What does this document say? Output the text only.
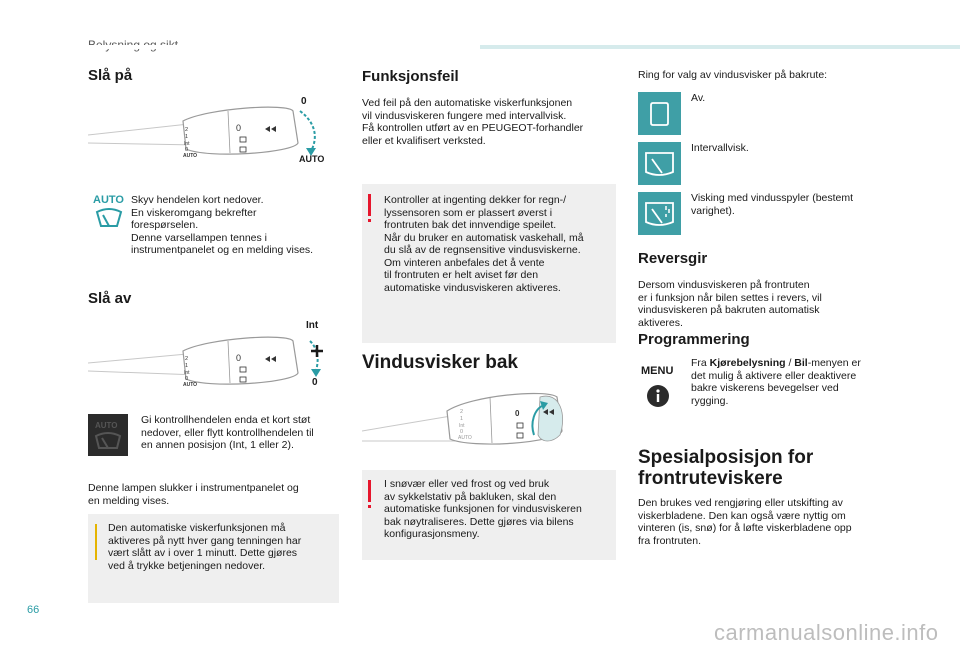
Slå på
2
1
Int
0
AUTO
0
0
AUTO
AUTO Skyv hendelen kort nedover.
En viskeromgang bekrefter
forespørselen.
Denne varsellampen tennes i
instrumentpanelet og en melding vises.
Slå av
2
1
Int
0
AUTO
0
Int
0
AUTO Gi kontrollhendelen enda et kort støt
nedover, eller flytt kontrollhendelen til
en annen posisjon (Int, 1 eller 2).
Denne lampen slukker i instrumentpanelet og
en melding vises.
Den automatiske viskerfunksjonen må
aktiveres på nytt hver gang tenningen har
vært slått av i over 1 minutt. Dette gjøres
ved å trykke betjeningen nedover.
Funksjonsfeil
Ved feil på den automatiske viskerfunksjonen
vil vindusviskeren fungere med intervallvisk.
Få kontrollen utført av en PEUGEOT-forhandler
eller et kvalifisert verksted.
Kontroller at ingenting dekker for regn-/
lyssensoren som er plassert øverst i
frontruten bak det innvendige speilet.
Når du bruker en automatisk vaskehall, må
du slå av de regnsensitive vindusviskerne.
Om vinteren anbefales det å vente
til frontruten er helt aviset før den
automatiske vindusviskeren aktiveres.
Vindusvisker bak
2
1
Int
0
AUTO
0
I snøvær eller ved frost og ved bruk
av sykkelstativ på bakluken, skal den
automatiske funksjonen for vindusviskeren
bak nøytraliseres. Dette gjøres via bilens
konfigurasjonsmeny.
Ring for valg av vindusvisker på bakrute:
Av.
Intervallvisk.
Visking med vindusspyler (bestemt varighet).
Reversgir
Dersom vindusviskeren på frontruten
er i funksjon når bilen settes i revers, vil
vindusviskeren på bakruten automatisk
aktiveres.
Programmering
MENU
Fra Kjørebelysning / Bil-menyen er
det mulig å aktivere eller deaktivere
bakre viskerens bevegelser ved
rygging.
Spesialposisjon for
frontruteviskere
Den brukes ved rengjøring eller utskifting av
viskerbladene. Den kan også være nyttig om
vinteren (is, snø) for å løfte viskerbladene opp
fra frontruten.
66
carmanualsonline.info
